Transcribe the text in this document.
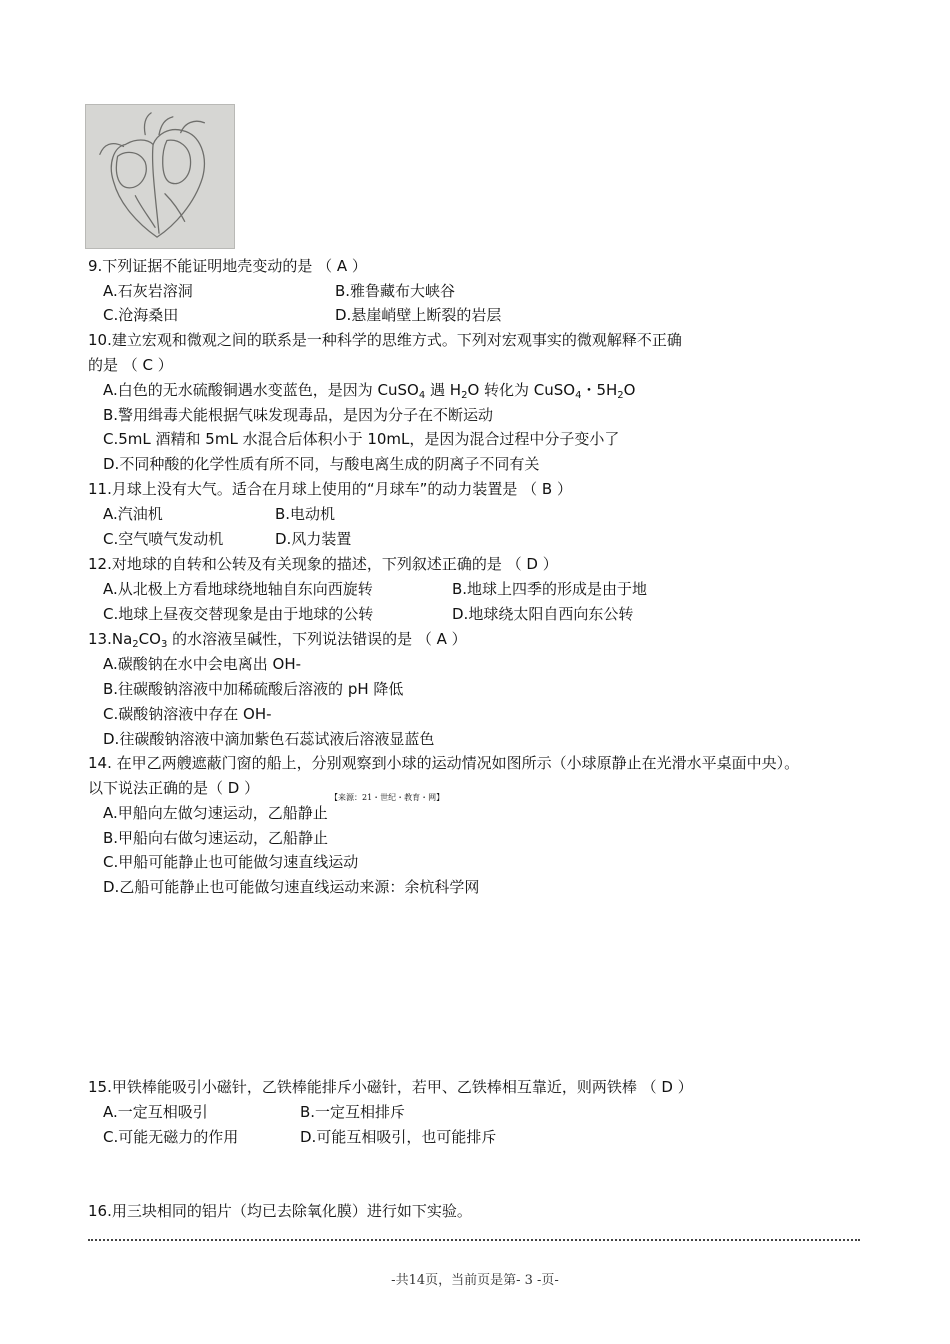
9.下列证据不能证明地壳变动的是 （ A ）
A.石灰岩溶洞	B.雅鲁藏布大峡谷
C.沧海桑田	D.悬崖峭壁上断裂的岩层
10.建立宏观和微观之间的联系是一种科学的思维方式。下列对宏观事实的微观解释不正确
的是 （ C ）
A.白色的无水硫酸铜遇水变蓝色，是因为 CuSO$_4$ 遇 $H_2O$ 转化为 CuSO$_4$・$5H_2O$
B.警用缉毒犬能根据气味发现毒品，是因为分子在不断运动
C.5mL 酒精和 5mL 水混合后体积小于 10mL，是因为混合过程中分子变小了
D.不同种酸的化学性质有所不同，与酸电离生成的阴离子不同有关
11.月球上没有大气。适合在月球上使用的“月球车”的动力装置是 （ B ）
A.汽油机	B.电动机
C.空气喷气发动机	D.风力装置
12.对地球的自转和公转及有关现象的描述，下列叙述正确的是 （ D ）
A.从北极上方看地球绕地轴自东向西旋转	B.地球上四季的形成是由于地
C.地球上昼夜交替现象是由于地球的公转	D.地球绕太阳自西向东公转
$13.Na_2CO_3$ 的水溶液呈碱性，下列说法错误的是 （ A ）
A.碳酸钠在水中会电离出 OH-
B.往碳酸钠溶液中加稀硫酸后溶液的 pH 降低
C.碳酸钠溶液中存在 OH-
D.往碳酸钠溶液中滴加紫色石蕊试液后溶液显蓝色
14. 在甲乙两艘遮蔽门窗的船上，分别观察到小球的运动情况如图所示（小球原静止在光滑水平桌面中央）。
以下说法正确的是（ D ）
【来源：21・世纪・教育・网】
A.甲船向左做匀速运动，乙船静止
B.甲船向右做匀速运动，乙船静止
C.甲船可能静止也可能做匀速直线运动
D.乙船可能静止也可能做匀速直线运动来源：余杭科学网
15.甲铁棒能吸引小磁针，乙铁棒能排斥小磁针，若甲、乙铁棒相互靠近，则两铁棒 （ D ）
A.一定互相吸引	B.一定互相排斥
C.可能无磁力的作用	D.可能互相吸引，也可能排斥
16.用三块相同的铝片（均已去除氧化膜）进行如下实验。
-共14页，当前页是第- 3 -页-
